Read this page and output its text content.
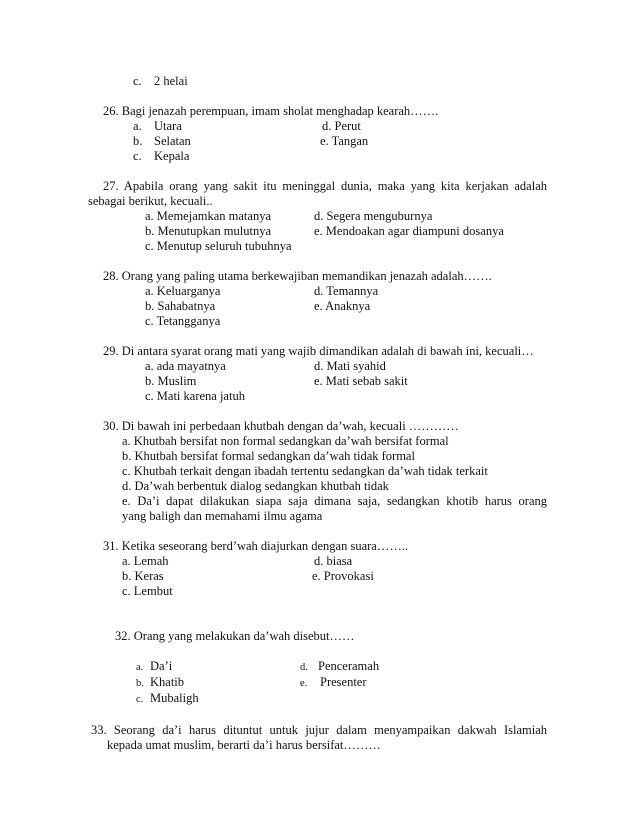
c. 2 helai
26. Bagi jenazah perempuan, imam sholat menghadap kearah…….
a. Utara
b. Selatan
c. Kepala
d. Perut
e. Tangan
27. Apabila orang yang sakit itu meninggal dunia, maka yang kita kerjakan adalah
sebagai berikut, kecuali..
a. Memejamkan matanya
b. Menutupkan mulutnya
c. Menutup seluruh tubuhnya
d. Segera menguburnya
e. Mendoakan agar diampuni dosanya
28. Orang yang paling utama berkewajiban memandikan jenazah adalah…….
a. Keluarganya
b. Sahabatnya
c. Tetangganya
d. Temannya
e. Anaknya
29. Di antara syarat orang mati yang wajib dimandikan adalah di bawah ini, kecuali…
a. ada mayatnya
b. Muslim
c. Mati karena jatuh
d. Mati syahid
e. Mati sebab sakit
30. Di bawah ini perbedaan khutbah dengan da’wah, kecuali …………
a. Khutbah bersifat non formal sedangkan da’wah bersifat formal
b. Khutbah bersifat formal sedangkan da’wah tidak formal
c. Khutbah terkait dengan ibadah tertentu sedangkan da’wah tidak terkait
d. Da’wah berbentuk dialog sedangkan khutbah tidak
e. Da’i dapat dilakukan siapa saja dimana saja, sedangkan khotib harus orang
yang baligh dan memahami ilmu agama
31. Ketika seseorang berd’wah diajurkan dengan suara……..
a. Lemah
b. Keras
c. Lembut
d. biasa
e. Provokasi
32. Orang yang melakukan da’wah disebut……
a. Da’i
b. Khatib
c. Mubaligh
d. Penceramah
e. Presenter
33. Seorang da’i harus dituntut untuk jujur dalam menyampaikan dakwah Islamiah
kepada umat muslim, berarti da’i harus bersifat………
